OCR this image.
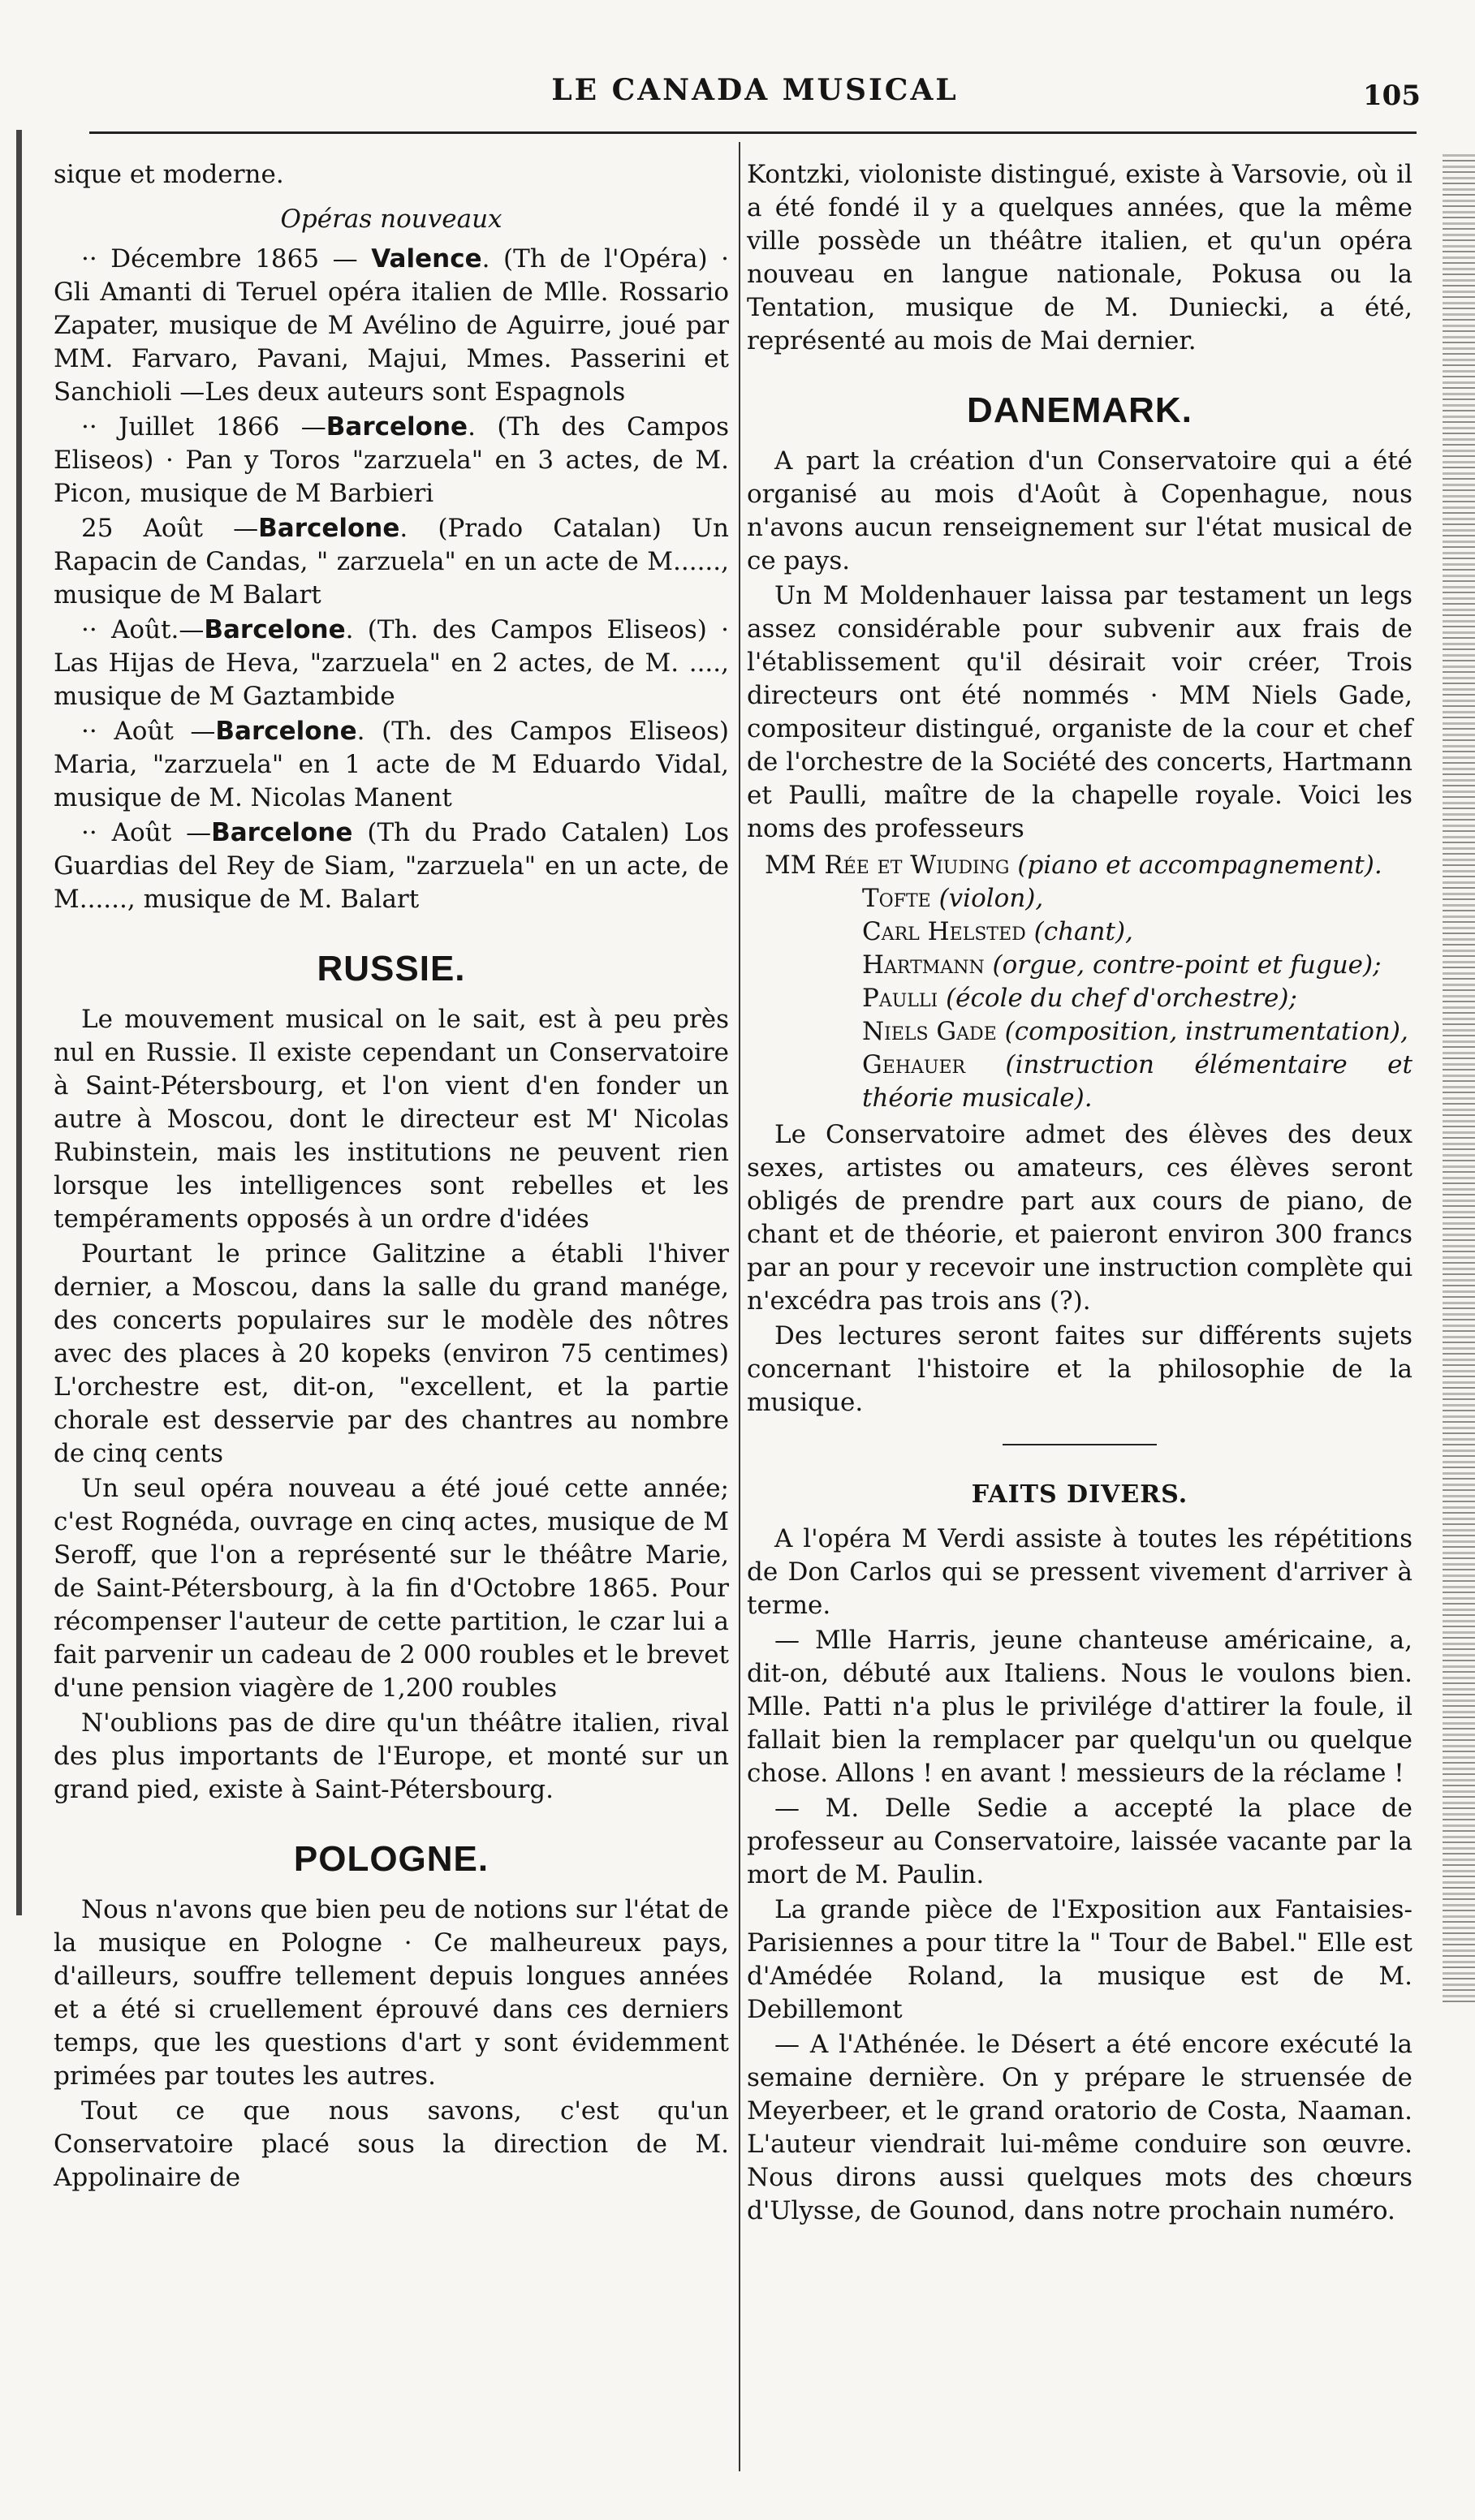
LE CANADA MUSICAL	105

sique et moderne.

Opéras nouveaux

·· Décembre 1865 — Valence. (Th de l'Opéra) · Gli Amanti di Teruel opéra italien de Mlle. Rossario Zapater, musique de M Avélino de Aguirre, joué par MM. Farvaro, Pavani, Majui, Mmes. Passerini et Sanchioli —Les deux auteurs sont Espagnols

·· Juillet 1866 —Barcelone. (Th des Campos Eliseos) · Pan y Toros "zarzuela" en 3 actes, de M. Picon, musique de M Barbieri

25 Août —Barcelone. (Prado Catalan) Un Rapacin de Candas, " zarzuela" en un acte de M......, musique de M Balart

·· Août.—Barcelone. (Th. des Campos Eliseos) · Las Hijas de Heva, "zarzuela" en 2 actes, de M. ...., musique de M Gaztambide

·· Août —Barcelone. (Th. des Campos Eliseos) Maria, "zarzuela" en 1 acte de M Eduardo Vidal, musique de M. Nicolas Manent

·· Août —Barcelone (Th du Prado Catalen) Los Guardias del Rey de Siam, "zarzuela" en un acte, de M......, musique de M. Balart

RUSSIE.

Le mouvement musical on le sait, est à peu près nul en Russie. Il existe cependant un Conservatoire à Saint-Pétersbourg, et l'on vient d'en fonder un autre à Moscou, dont le directeur est M' Nicolas Rubinstein, mais les institutions ne peuvent rien lorsque les intelligences sont rebelles et les tempéraments opposés à un ordre d'idées

Pourtant le prince Galitzine a établi l'hiver dernier, a Moscou, dans la salle du grand manége, des concerts populaires sur le modèle des nôtres avec des places à 20 kopeks (environ 75 centimes) L'orchestre est, dit-on, "excellent, et la partie chorale est desservie par des chantres au nombre de cinq cents

Un seul opéra nouveau a été joué cette année; c'est Rognéda, ouvrage en cinq actes, musique de M Seroff, que l'on a représenté sur le théâtre Marie, de Saint-Pétersbourg, à la fin d'Octobre 1865. Pour récompenser l'auteur de cette partition, le czar lui a fait parvenir un cadeau de 2 000 roubles et le brevet d'une pension viagère de 1,200 roubles

N'oublions pas de dire qu'un théâtre italien, rival des plus importants de l'Europe, et monté sur un grand pied, existe à Saint-Pétersbourg.

POLOGNE.

Nous n'avons que bien peu de notions sur l'état de la musique en Pologne · Ce malheureux pays, d'ailleurs, souffre tellement depuis longues années et a été si cruellement éprouvé dans ces derniers temps, que les questions d'art y sont évidemment primées par toutes les autres.

Tout ce que nous savons, c'est qu'un Conservatoire placé sous la direction de M. Appolinaire de

Kontzki, violoniste distingué, existe à Varsovie, où il a été fondé il y a quelques années, que la même ville possède un théâtre italien, et qu'un opéra nouveau en langue nationale, Pokusa ou la Tentation, musique de M. Duniecki, a été, représenté au mois de Mai dernier.

DANEMARK.

A part la création d'un Conservatoire qui a été organisé au mois d'Août à Copenhague, nous n'avons aucun renseignement sur l'état musical de ce pays.

Un M Moldenhauer laissa par testament un legs assez considérable pour subvenir aux frais de l'établissement qu'il désirait voir créer, Trois directeurs ont été nommés · MM Niels Gade, compositeur distingué, organiste de la cour et chef de l'orchestre de la Société des concerts, Hartmann et Paulli, maître de la chapelle royale. Voici les noms des professeurs

MM Rée et Wiuding (piano et accompagnement).
Tofte (violon),
Carl Helsted (chant),
Hartmann (orgue, contre-point et fugue);
Paulli (école du chef d'orchestre);
Niels Gade (composition, instrumentation),
Gehauer (instruction élémentaire et théorie musicale).

Le Conservatoire admet des élèves des deux sexes, artistes ou amateurs, ces élèves seront obligés de prendre part aux cours de piano, de chant et de théorie, et paieront environ 300 francs par an pour y recevoir une instruction complète qui n'excédra pas trois ans (?).

Des lectures seront faites sur différents sujets concernant l'histoire et la philosophie de la musique.

FAITS DIVERS.

A l'opéra M Verdi assiste à toutes les répétitions de Don Carlos qui se pressent vivement d'arriver à terme.

— Mlle Harris, jeune chanteuse américaine, a, dit-on, débuté aux Italiens. Nous le voulons bien. Mlle. Patti n'a plus le privilége d'attirer la foule, il fallait bien la remplacer par quelqu'un ou quelque chose. Allons ! en avant ! messieurs de la réclame !

— M. Delle Sedie a accepté la place de professeur au Conservatoire, laissée vacante par la mort de M. Paulin.

La grande pièce de l'Exposition aux Fantaisies-Parisiennes a pour titre la " Tour de Babel." Elle est d'Amédée Roland, la musique est de M. Debillemont

— A l'Athénée. le Désert a été encore exécuté la semaine dernière. On y prépare le struensée de Meyerbeer, et le grand oratorio de Costa, Naaman. L'auteur viendrait lui-même conduire son œuvre. Nous dirons aussi quelques mots des chœurs d'Ulysse, de Gounod, dans notre prochain numéro.
